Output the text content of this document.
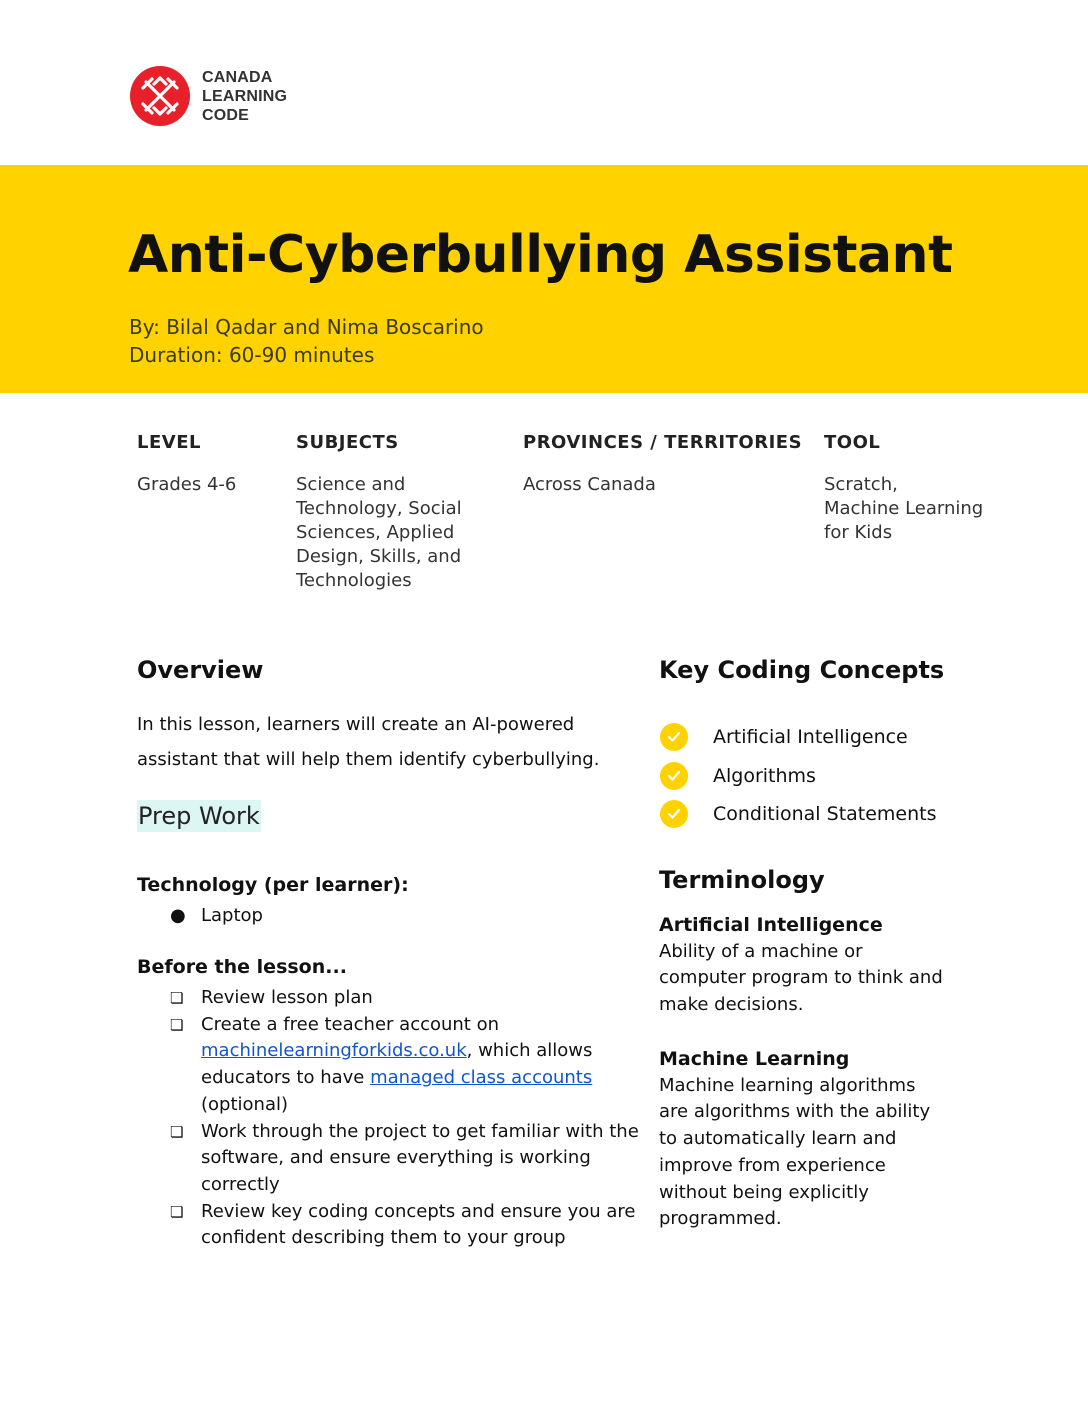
CANADA
LEARNING
CODE
Anti-Cyberbullying Assistant
By: Bilal Qadar and Nima Boscarino
Duration: 60-90 minutes
LEVEL
Grades 4-6
SUBJECTS
Science and
Technology, Social
Sciences, Applied
Design, Skills, and
Technologies
PROVINCES / TERRITORIES
Across Canada
TOOL
Scratch,
Machine Learning
for Kids
Overview
In this lesson, learners will create an AI-powered
assistant that will help them identify cyberbullying.
Prep Work
Technology (per learner):
● Laptop
Before the lesson...
❏ Review lesson plan
❏ Create a free teacher account on machinelearningforkids.co.uk, which allows educators to have managed class accounts (optional)
❏ Work through the project to get familiar with the software, and ensure everything is working correctly
❏ Review key coding concepts and ensure you are confident describing them to your group
Key Coding Concepts
Artificial Intelligence
Algorithms
Conditional Statements
Terminology
Artificial Intelligence
Ability of a machine or
computer program to think and
make decisions.
Machine Learning
Machine learning algorithms
are algorithms with the ability
to automatically learn and
improve from experience
without being explicitly
programmed.
